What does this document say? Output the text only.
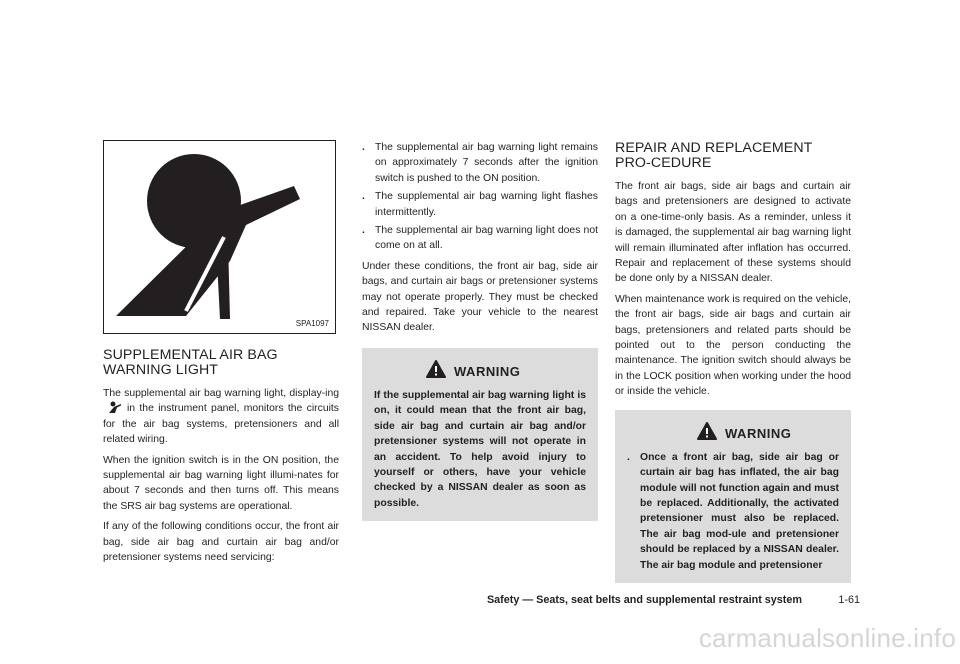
SPA1097
SUPPLEMENTAL AIR BAG WARNING LIGHT

The supplemental air bag warning light, display-ingin the instrument panel, monitors the circuits for the air bag systems, pretensioners and all related wiring.

When the ignition switch is in the ON position, the supplemental air bag warning light illumi-nates for about 7 seconds and then turns off. This means the SRS air bag systems are operational.

If any of the following conditions occur, the front air bag, side air bag and curtain air bag and/or pretensioner systems need servicing:

. The supplemental air bag warning light remains on approximately 7 seconds after the ignition switch is pushed to the ON position.
. The supplemental air bag warning light flashes intermittently.
. The supplemental air bag warning light does not come on at all.

Under these conditions, the front air bag, side air bags, and curtain air bags or pretensioner systems may not operate properly. They must be checked and repaired. Take your vehicle to the nearest NISSAN dealer.

WARNING
If the supplemental air bag warning light is on, it could mean that the front air bag, side air bag and curtain air bag and/or pretensioner systems will not operate in an accident. To help avoid injury to yourself or others, have your vehicle checked by a NISSAN dealer as soon as possible.
REPAIR AND REPLACEMENT PRO-CEDURE

The front air bags, side air bags and curtain air bags and pretensioners are designed to activate on a one-time-only basis. As a reminder, unless it is damaged, the supplemental air bag warning light will remain illuminated after inflation has occurred. Repair and replacement of these systems should be done only by a NISSAN dealer.

When maintenance work is required on the vehicle, the front air bags, side air bags and curtain air bags, pretensioners and related parts should be pointed out to the person conducting the maintenance. The ignition switch should always be in the LOCK position when working under the hood or inside the vehicle.

WARNING
. Once a front air bag, side air bag or curtain air bag has inflated, the air bag module will not function again and must be replaced. Additionally, the activated pretensioner must also be replaced. The air bag mod-ule and pretensioner should be replaced by a NISSAN dealer. The air bag module and pretensioner
Safety — Seats, seat belts and supplemental restraint system	1-61
carmanualsonline.info
